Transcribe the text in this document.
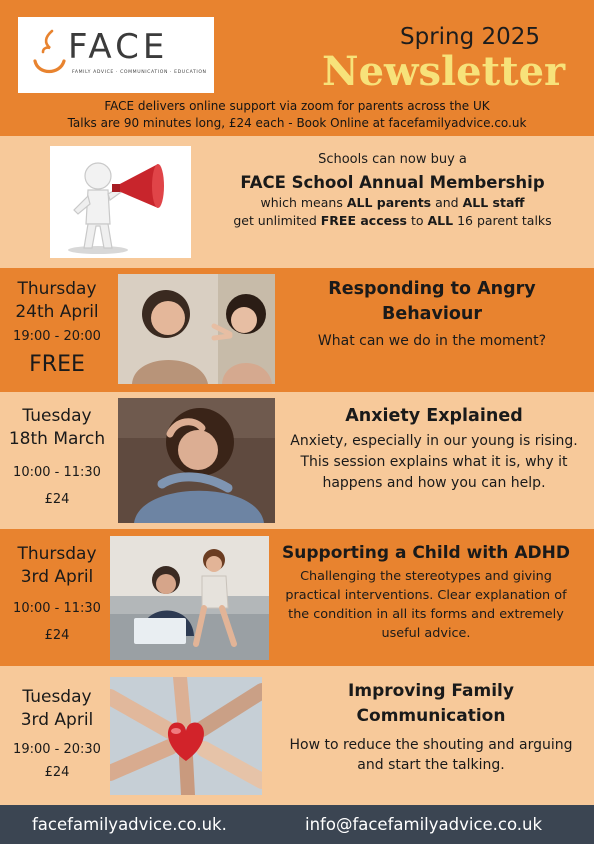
FACE
FAMILY ADVICE · COMMUNICATION · EDUCATION
Spring 2025
Newsletter
FACE delivers online support via zoom for parents across the UK
Talks are 90 minutes long, £24 each - Book Online at facefamilyadvice.co.uk
Schools can now buy a
FACE School Annual Membership
which means ALL parents and ALL staff
get unlimited FREE access to ALL 16 parent talks
Thursday
24th April
19:00 - 20:00
FREE
Responding to Angry Behaviour
What can we do in the moment?
Tuesday
18th March
10:00 - 11:30
£24
Anxiety Explained
Anxiety, especially in our young is rising. This session explains what it is, why it happens and how you can help.
Thursday
3rd April
10:00 - 11:30
£24
Supporting a Child with ADHD
Challenging the stereotypes and giving practical interventions. Clear explanation of the condition in all its forms and extremely useful advice.
Tuesday
3rd April
19:00 - 20:30
£24
Improving Family Communication
How to reduce the shouting and arguing and start the talking.
facefamilyadvice.co.uk.	info@facefamilyadvice.co.uk
